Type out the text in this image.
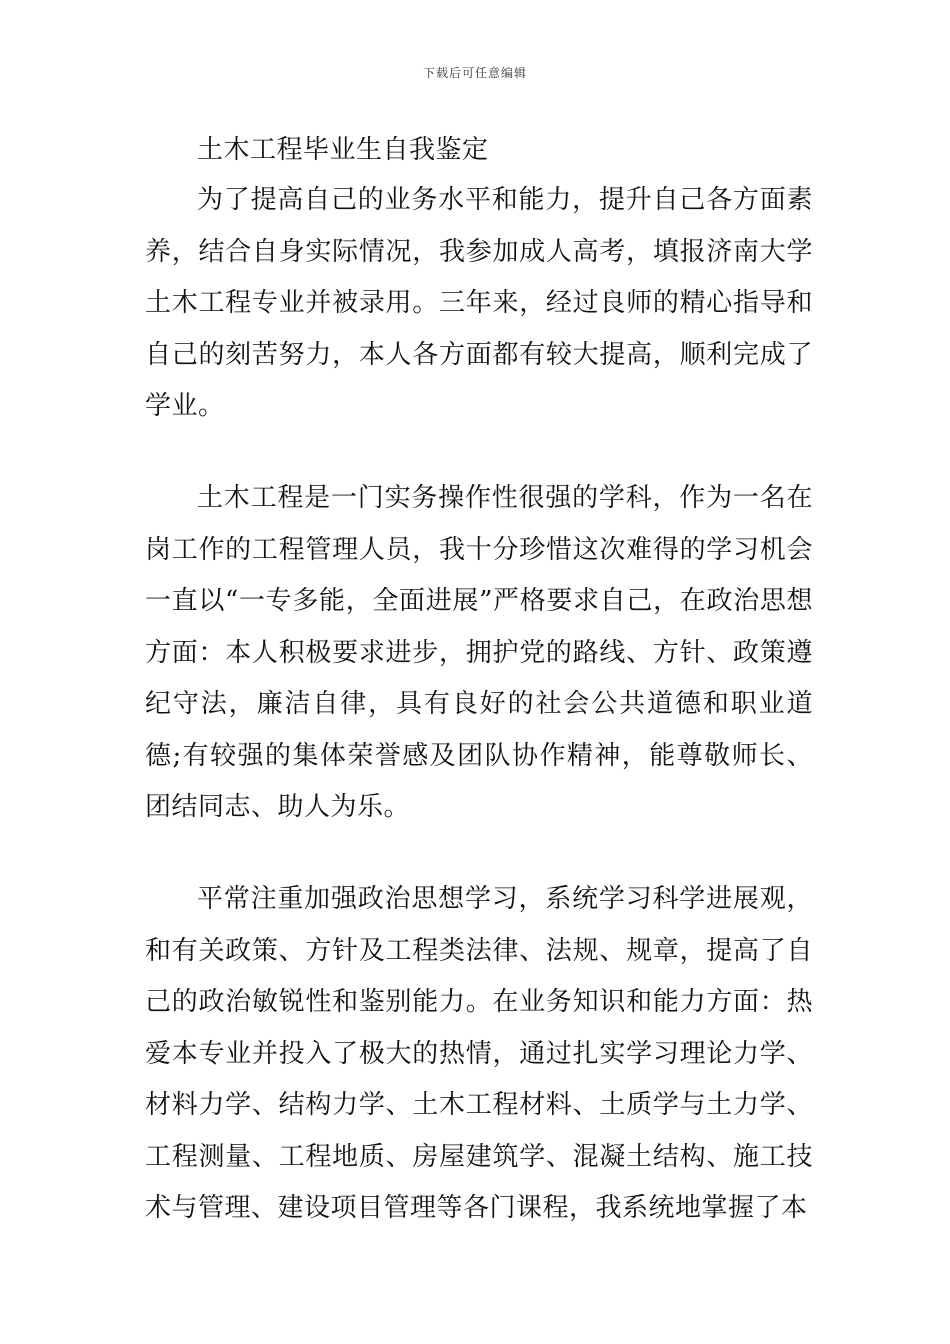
下载后可任意编辑
土木工程毕业生自我鉴定

为了提高自己的业务水平和能力，提升自己各方面素养，结合自身实际情况，我参加成人高考，填报济南大学土木工程专业并被录用。三年来，经过良师的精心指导和自己的刻苦努力，本人各方面都有较大提高，顺利完成了学业。

土木工程是一门实务操作性很强的学科，作为一名在岗工作的工程管理人员，我十分珍惜这次难得的学习机会一直以“一专多能，全面进展”严格要求自己，在政治思想方面：本人积极要求进步，拥护党的路线、方针、政策遵纪守法，廉洁自律，具有良好的社会公共道德和职业道德;有较强的集体荣誉感及团队协作精神，能尊敬师长、团结同志、助人为乐。

平常注重加强政治思想学习，系统学习科学进展观，和有关政策、方针及工程类法律、法规、规章，提高了自己的政治敏锐性和鉴别能力。在业务知识和能力方面：热爱本专业并投入了极大的热情，通过扎实学习理论力学、材料力学、结构力学、土木工程材料、土质学与土力学、工程测量、工程地质、房屋建筑学、混凝土结构、施工技术与管理、建设项目管理等各门课程，我系统地掌握了本
